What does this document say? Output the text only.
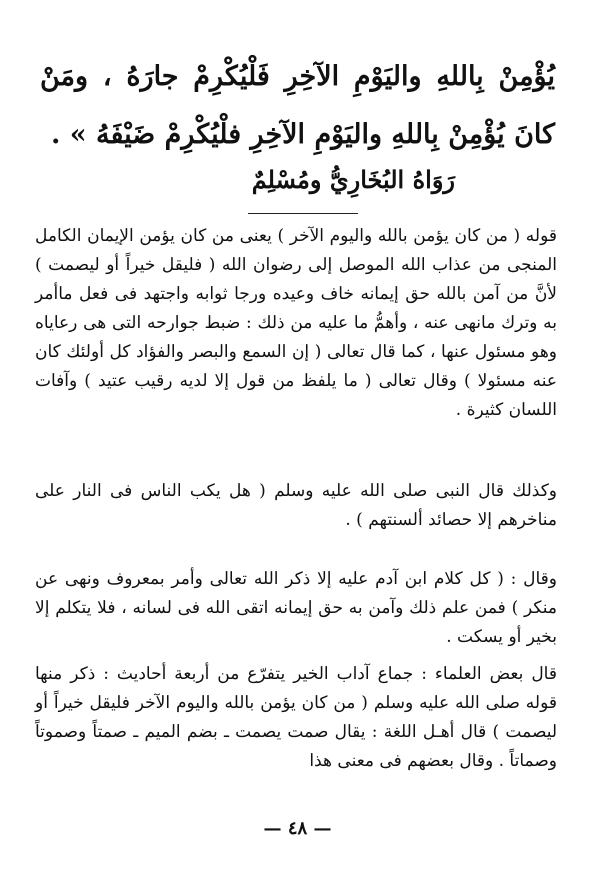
يُؤْمِنْ بِاللهِ واليَوْمِ الآخِرِ فَلْيُكْرِمْ جارَهُ ، ومَنْ كانَ يُؤْمِنْ بِاللهِ واليَوْمِ الآخِرِ فلْيُكْرِمْ ضَيْفَهُ » .

رَوَاهُ البُخَارِيُّ ومُسْلِمٌ

قوله ( من كان يؤمن بالله واليوم الآخر ) يعنى من كان يؤمن الإيمان الكامل المنجى من عذاب الله الموصل إلى رضوان الله ( فليقل خيراً أو ليصمت ) لأنَّ من آمن بالله حق إيمانه خاف وعيده ورجا ثوابه واجتهد فى فعل ماأمر به وترك مانهى عنه ، وأهمُّ ما عليه من ذلك : ضبط جوارحه التى هى رعاياه وهو مسئول عنها ، كما قال تعالى ( إن السمع والبصر والفؤاد كل أولئك كان عنه مسئولا ) وقال تعالى ( ما يلفظ من قول إلا لديه رقيب عتيد ) وآفات اللسان كثيرة .

وكذلك قال النبى صلى الله عليه وسلم ( هل يكب الناس فى النار على مناخرهم إلا حصائد ألسنتهم ) .

وقال : ( كل كلام ابن آدم عليه إلا ذكر الله تعالى وأمر بمعروف ونهى عن منكر ) فمن علم ذلك وآمن به حق إيمانه اتقى الله فى لسانه ، فلا يتكلم إلا بخير أو يسكت .

قال بعض العلماء : جماع آداب الخير يتفرّع من أربعة أحاديث : ذكر منها قوله صلى الله عليه وسلم ( من كان يؤمن بالله واليوم الآخر فليقل خيراً أو ليصمت ) قال أهـل اللغة : يقال صمت يصمت ـ بضم الميم ـ صمتاً وصموتاً وصماتاً . وقال بعضهم فى معنى هذا

— ٤٨ —
